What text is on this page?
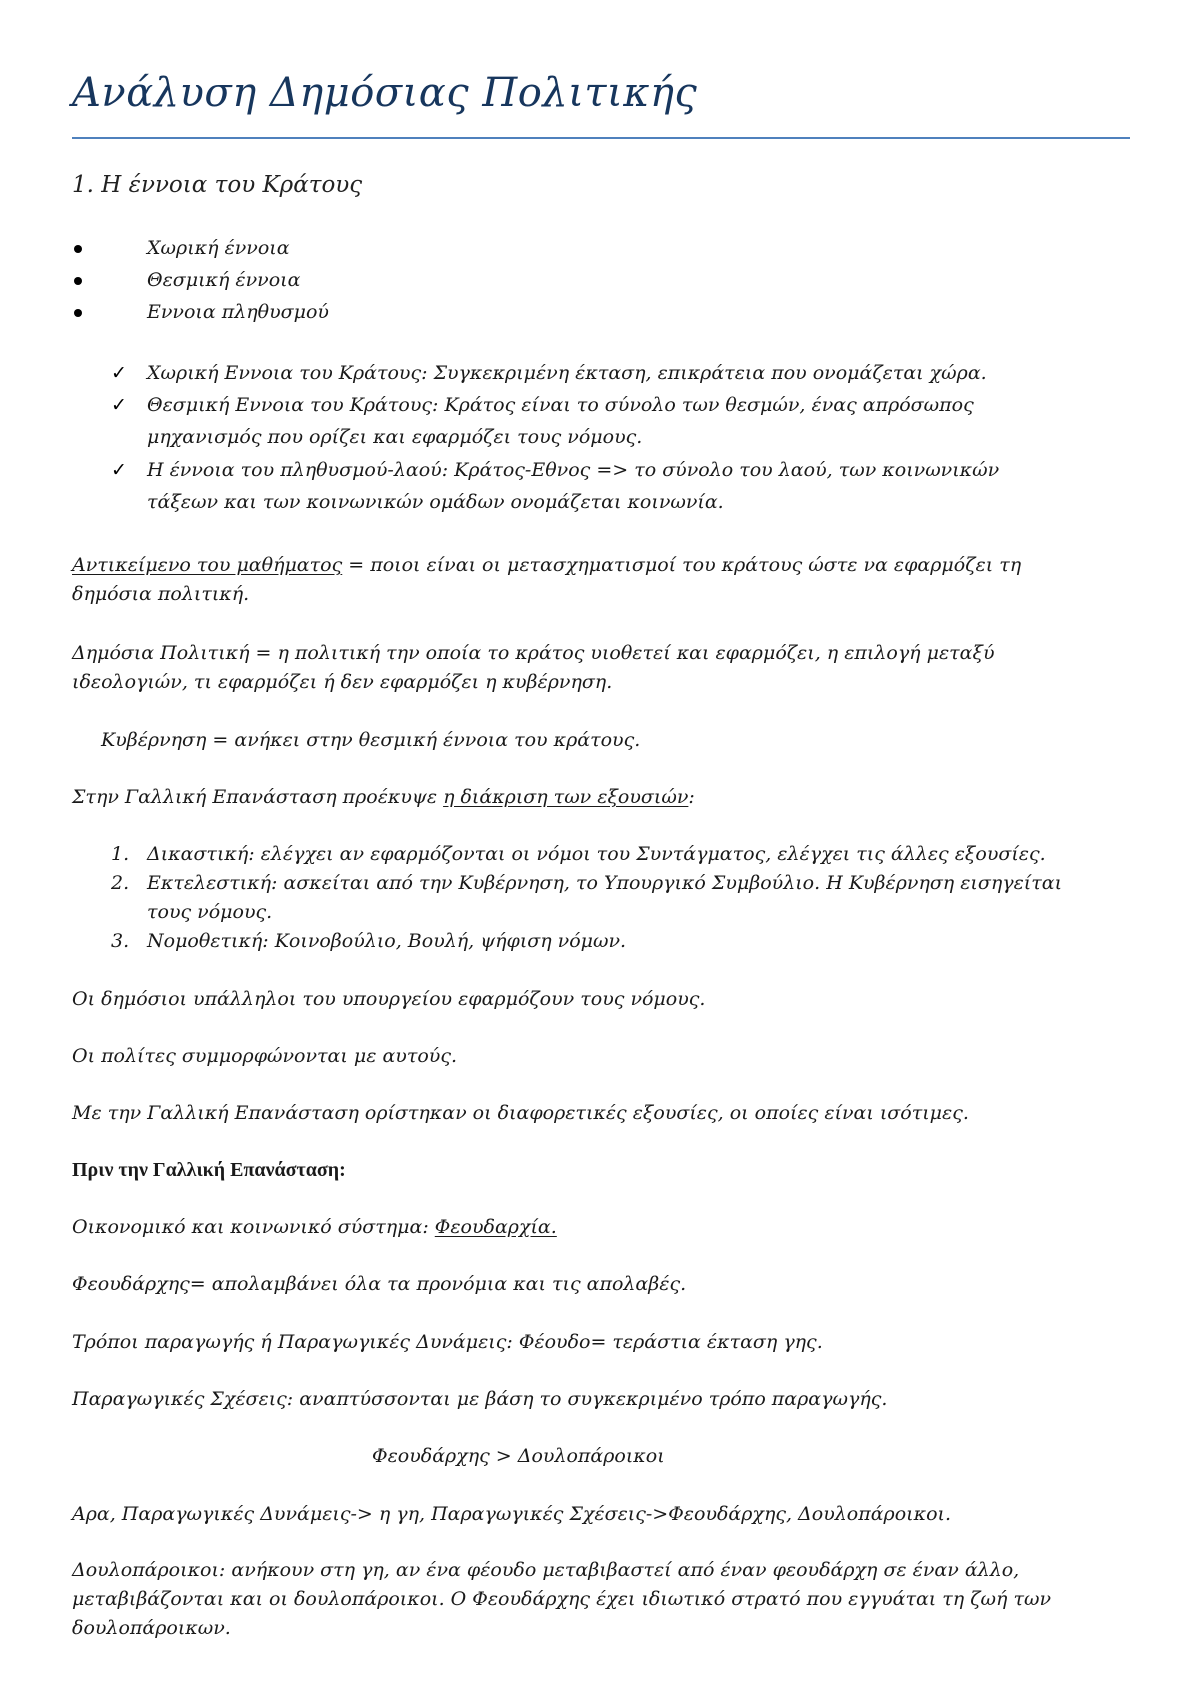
Ανάλυση Δημόσιας Πολιτικής
1. Η έννοια του Κράτους

Χωρική έννοια

Θεσμική έννοια

Εννοια πληθυσμού

✓ Χωρική Εννοια του Κράτους: Συγκεκριμένη έκταση, επικράτεια που ονομάζεται χώρα.

✓ Θεσμική Εννοια του Κράτους: Κράτος είναι το σύνολο των θεσμών, ένας απρόσωπος

μηχανισμός που ορίζει και εφαρμόζει τους νόμους.

✓ Η έννοια του πληθυσμού-λαού: Κράτος-Εθνος => το σύνολο του λαού, των κοινωνικών

τάξεων και των κοινωνικών ομάδων ονομάζεται κοινωνία.

Αντικείμενο του μαθήματος = ποιοι είναι οι μετασχηματισμοί του κράτους ώστε να εφαρμόζει τη

δημόσια πολιτική.

Δημόσια Πολιτική = η πολιτική την οποία το κράτος υιοθετεί και εφαρμόζει, η επιλογή μεταξύ

ιδεολογιών, τι εφαρμόζει ή δεν εφαρμόζει η κυβέρνηση.

Κυβέρνηση = ανήκει στην θεσμική έννοια του κράτους.

Στην Γαλλική Επανάσταση προέκυψε η διάκριση των εξουσιών:

1. Δικαστική: ελέγχει αν εφαρμόζονται οι νόμοι του Συντάγματος, ελέγχει τις άλλες εξουσίες.

2. Εκτελεστική: ασκείται από την Κυβέρνηση, το Υπουργικό Συμβούλιο. Η Κυβέρνηση εισηγείται

τους νόμους.

3. Νομοθετική: Κοινοβούλιο, Βουλή, ψήφιση νόμων.

Οι δημόσιοι υπάλληλοι του υπουργείου εφαρμόζουν τους νόμους.

Οι πολίτες συμμορφώνονται με αυτούς.

Με την Γαλλική Επανάσταση ορίστηκαν οι διαφορετικές εξουσίες, οι οποίες είναι ισότιμες.

Πριν την Γαλλική Επανάσταση:

Οικονομικό και κοινωνικό σύστημα: Φεουδαρχία.

Φεουδάρχης= απολαμβάνει όλα τα προνόμια και τις απολαβές.

Τρόποι παραγωγής ή Παραγωγικές Δυνάμεις: Φέουδο= τεράστια έκταση γης.

Παραγωγικές Σχέσεις: αναπτύσσονται με βάση το συγκεκριμένο τρόπο παραγωγής.

Φεουδάρχης > Δουλοπάροικοι

Αρα, Παραγωγικές Δυνάμεις-> η γη, Παραγωγικές Σχέσεις->Φεουδάρχης, Δουλοπάροικοι.

Δουλοπάροικοι: ανήκουν στη γη, αν ένα φέουδο μεταβιβαστεί από έναν φεουδάρχη σε έναν άλλο,

μεταβιβάζονται και οι δουλοπάροικοι. Ο Φεουδάρχης έχει ιδιωτικό στρατό που εγγυάται τη ζωή των

δουλοπάροικων.
